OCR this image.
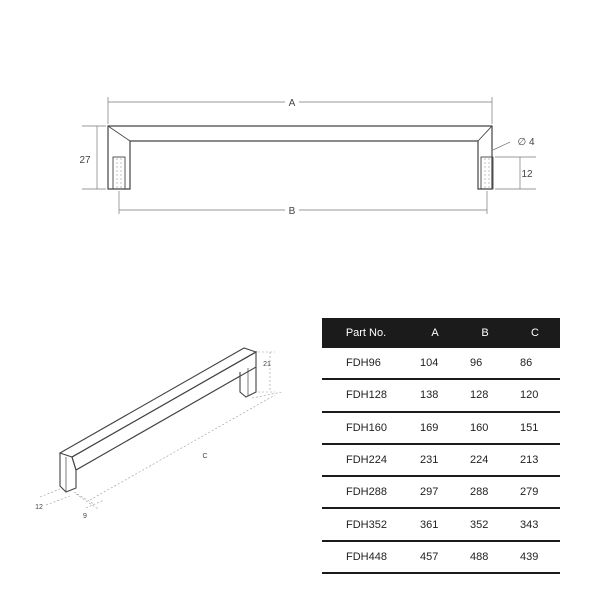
A
B
27
∅ 4
12
21
C
12
9
Part No.	A	B	C
FDH96	104	96	86
FDH128	138	128	120
FDH160	169	160	151
FDH224	231	224	213
FDH288	297	288	279
FDH352	361	352	343
FDH448	457	488	439
